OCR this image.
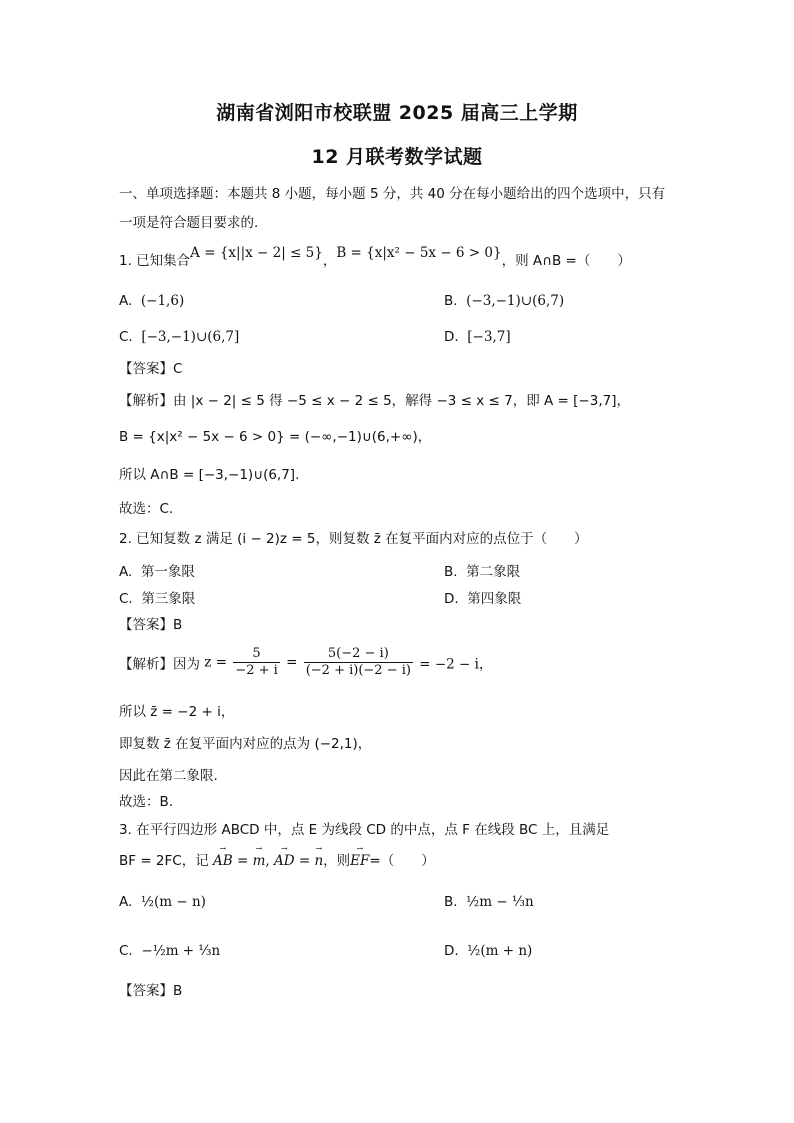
湖南省浏阳市校联盟 2025 届高三上学期
12 月联考数学试题
一、单项选择题：本题共 8 小题，每小题 5 分，共 40 分在每小题给出的四个选项中，只有
一项是符合题目要求的.
1. 已知集合A = {x||x − 2| ≤ 5}，B = {x|x² − 5x − 6 > 0}，则 A∩B =（　　）
A. (−1,6)	B. (−3,−1)∪(6,7)
C. [−3,−1)∪(6,7]	D. [−3,7]
【答案】C
【解析】由 |x − 2| ≤ 5 得 −5 ≤ x − 2 ≤ 5，解得 −3 ≤ x ≤ 7，即 A = [−3,7]，
B = {x|x² − 5x − 6 > 0} = (−∞,−1)∪(6,+∞)，
所以 A∩B = [−3,−1)∪(6,7].
故选：C.
2. 已知复数 z 满足 (i − 2)z = 5，则复数 z̄ 在复平面内对应的点位于（　　）
A. 第一象限	B. 第二象限
C. 第三象限	D. 第四象限
【答案】B
【解析】因为 $z = \frac{5}{-2 + i} = \frac{5(-2 - i)}{(-2 + i)(-2 - i)} = -2 - i$，
所以 z̄ = −2 + i，
即复数 z̄ 在复平面内对应的点为 (−2,1)，
因此在第二象限.
故选：B.
3. 在平行四边形 ABCD 中，点 E 为线段 CD 的中点，点 F 在线段 BC 上，且满足
BF = 2FC，记
→
AB =
→
m,
→
AD =
→
n，则
→
EF=（　　）
A. ½(m − n)	B. ½m − ⅓n
C. −½m + ⅓n	D. ½(m + n)
【答案】B
